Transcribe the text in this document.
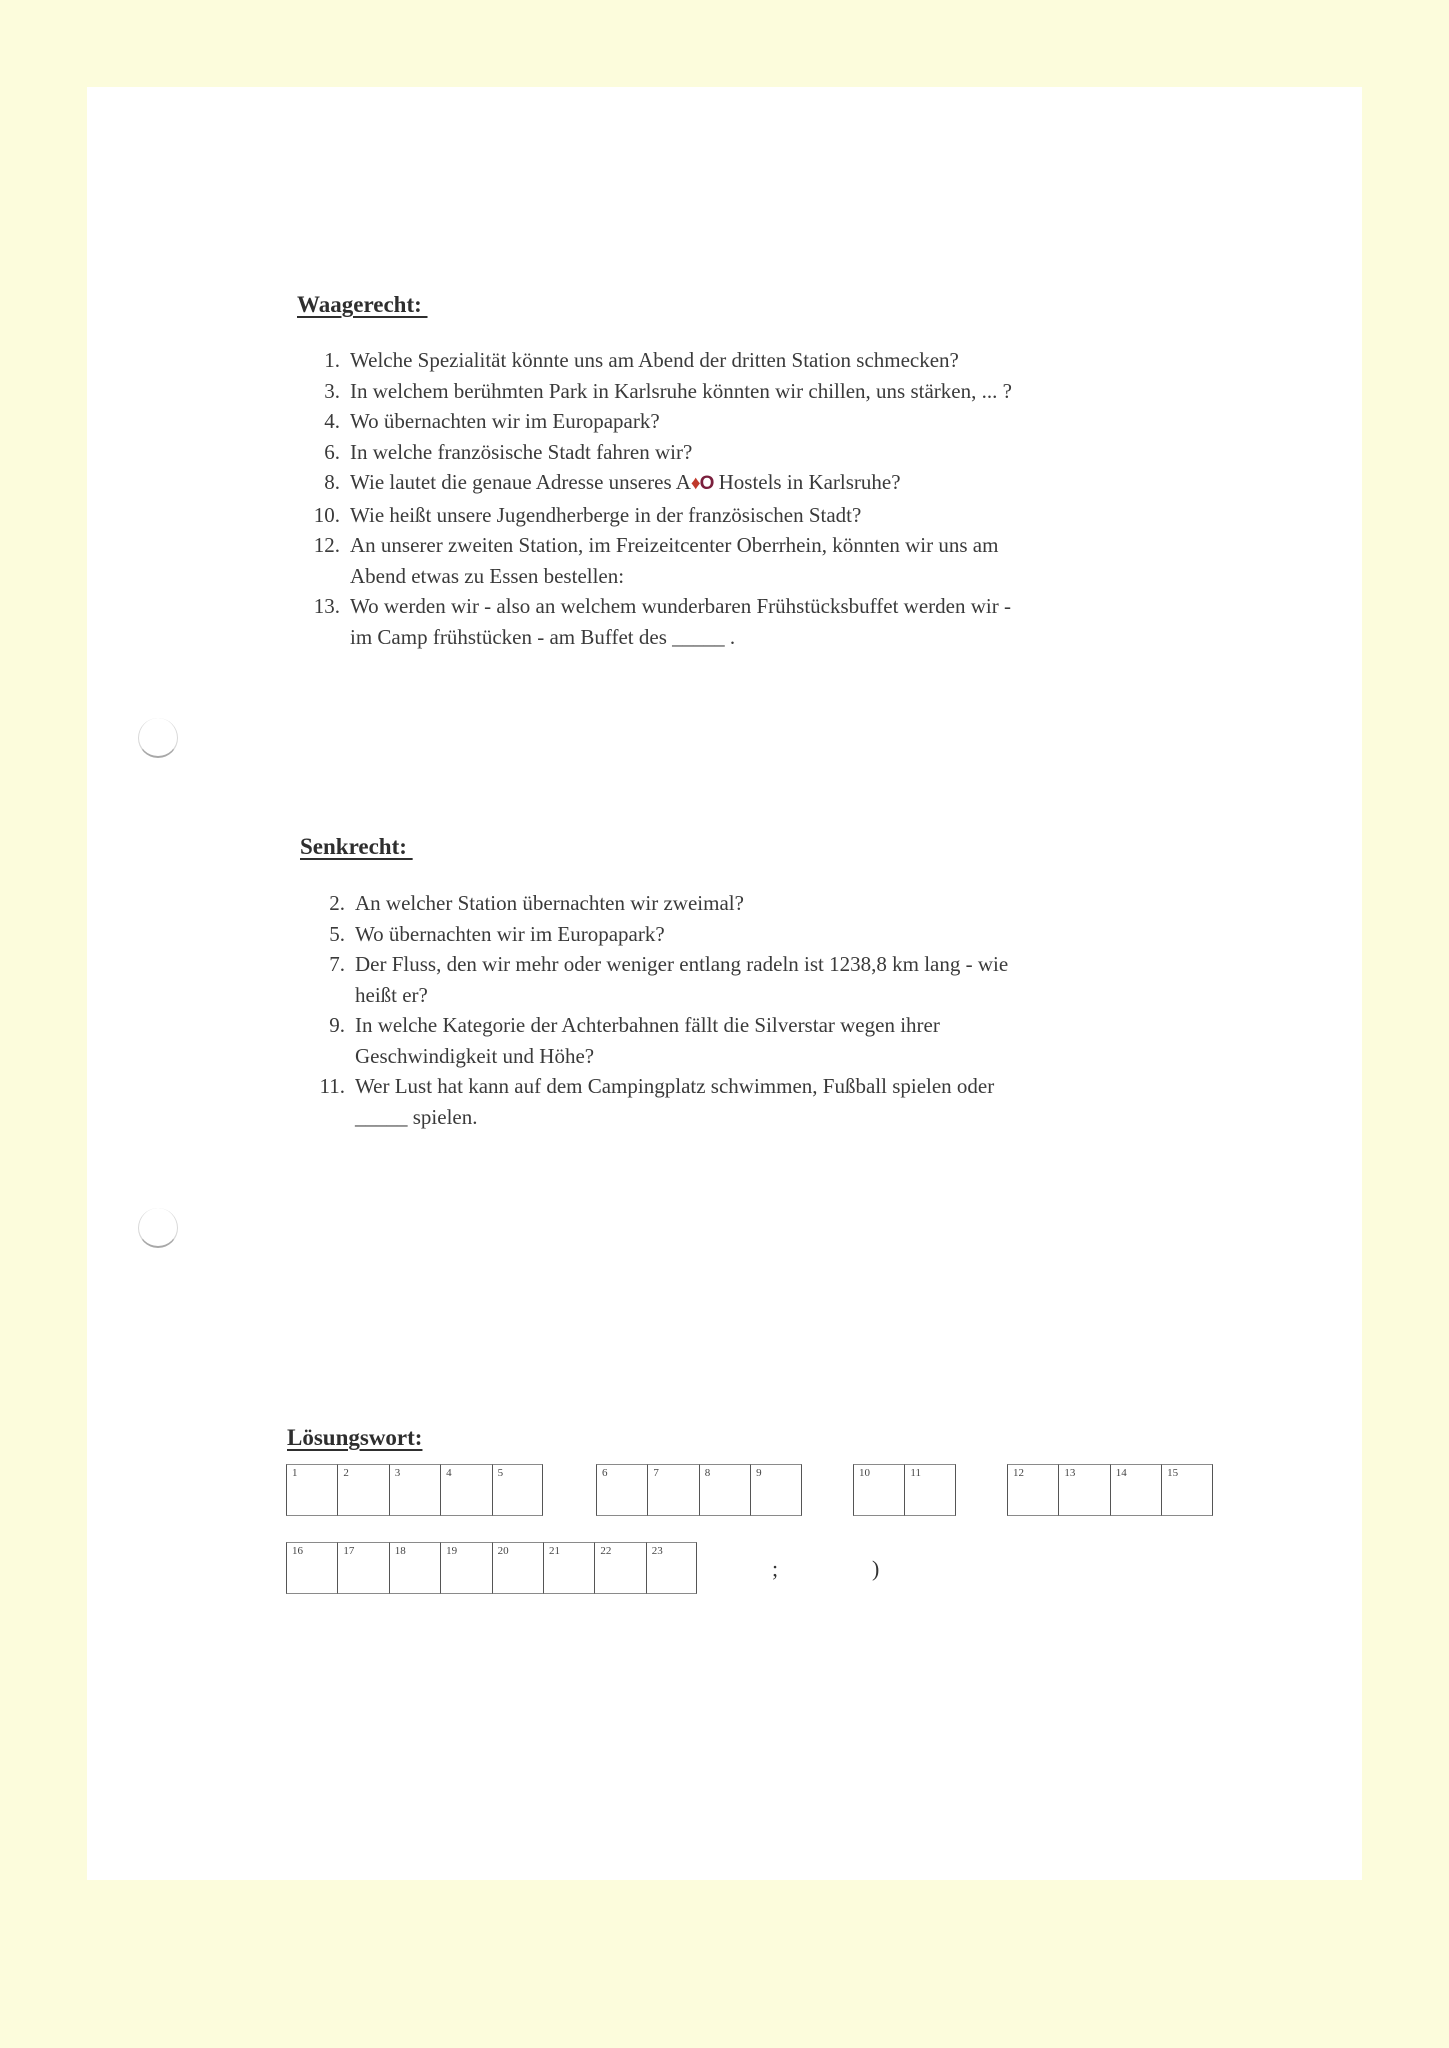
Waagerecht:
1. Welche Spezialität könnte uns am Abend der dritten Station schmecken?
3. In welchem berühmten Park in Karlsruhe könnten wir chillen, uns stärken, ... ?
4. Wo übernachten wir im Europapark?
6. In welche französische Stadt fahren wir?
8. Wie lautet die genaue Adresse unseres A♦O Hostels in Karlsruhe?
10. Wie heißt unsere Jugendherberge in der französischen Stadt?
12. An unserer zweiten Station, im Freizeitcenter Oberrhein, könnten wir uns am
Abend etwas zu Essen bestellen:
13. Wo werden wir - also an welchem wunderbaren Frühstücksbuffet werden wir -
im Camp frühstücken - am Buffet des _____ .
Senkrecht:
2. An welcher Station übernachten wir zweimal?
5. Wo übernachten wir im Europapark?
7. Der Fluss, den wir mehr oder weniger entlang radeln ist 1238,8 km lang - wie
heißt er?
9. In welche Kategorie der Achterbahnen fällt die Silverstar wegen ihrer
Geschwindigkeit und Höhe?
11. Wer Lust hat kann auf dem Campingplatz schwimmen, Fußball spielen oder
_____ spielen.
Lösungswort:
1	2	3	4	5	6	7	8	9	10	11	12	13	14	15
16	17	18	19	20	21	22	23
;	)
